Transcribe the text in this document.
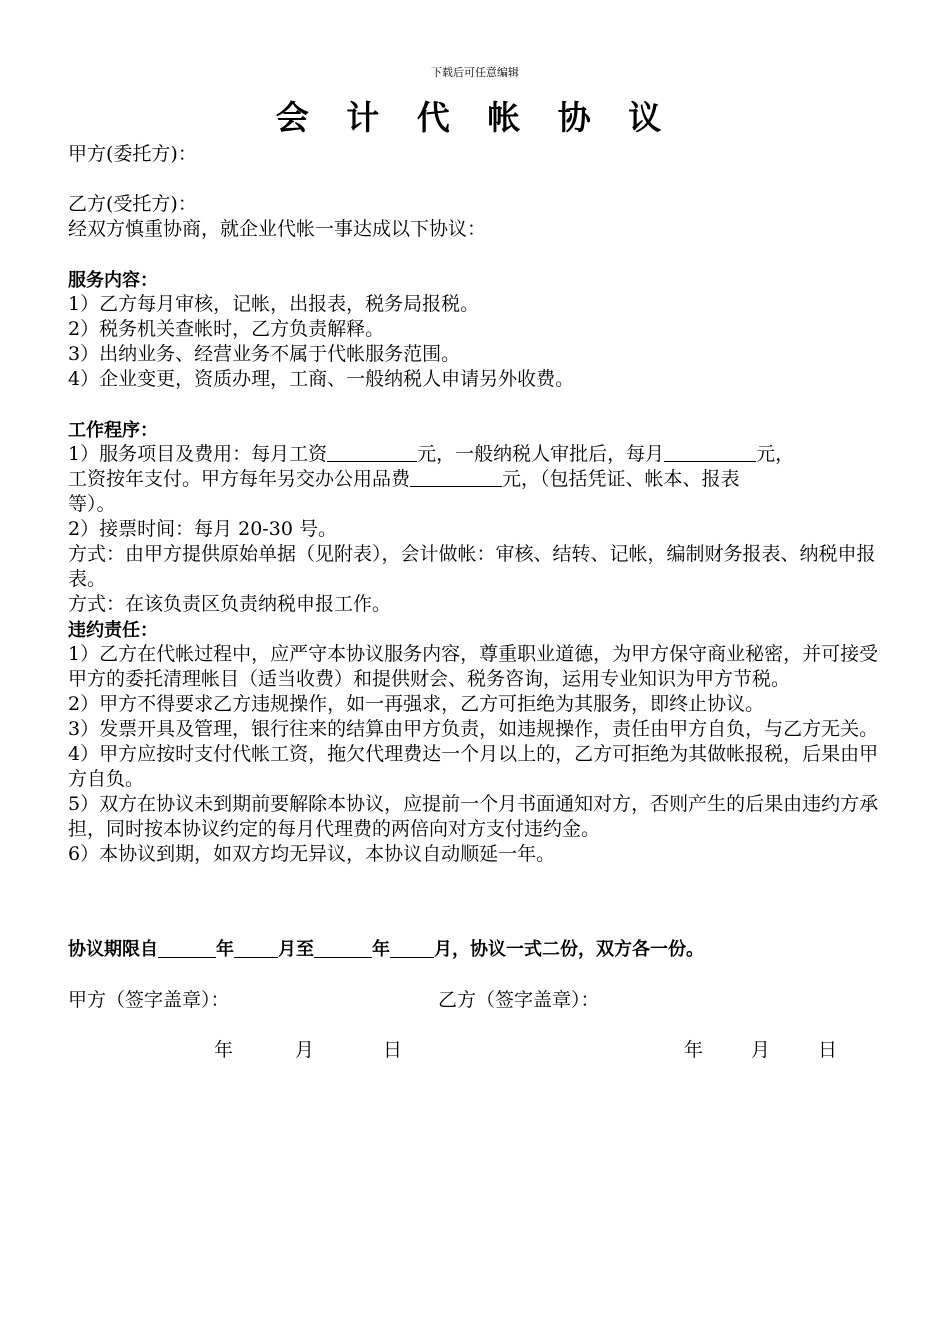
下载后可任意编辑
会 计 代 帐 协 议
甲方(委托方)：
乙方(受托方)：
经双方慎重协商，就企业代帐一事达成以下协议：
服务内容：
1）乙方每月审核，记帐，出报表，税务局报税。
2）税务机关查帐时，乙方负责解释。
3）出纳业务、经营业务不属于代帐服务范围。
4）企业变更，资质办理，工商、一般纳税人申请另外收费。
工作程序：
1）服务项目及费用：每月工资	元，一般纳税人审批后，每月	元，
工资按年支付。甲方每年另交办公用品费	元，（包括凭证、帐本、报表
等）。
2）接票时间：每月 20-30 号。
方式：由甲方提供原始单据（见附表），会计做帐：审核、结转、记帐，编制财务报表、纳税申报表。
方式：在该负责区负责纳税申报工作。
违约责任：
1）乙方在代帐过程中，应严守本协议服务内容，尊重职业道德，为甲方保守商业秘密，并可接受甲方的委托清理帐目（适当收费）和提供财会、税务咨询，运用专业知识为甲方节税。
2）甲方不得要求乙方违规操作，如一再强求，乙方可拒绝为其服务，即终止协议。
3）发票开具及管理，银行往来的结算由甲方负责，如违规操作，责任由甲方自负，与乙方无关。
4）甲方应按时支付代帐工资，拖欠代理费达一个月以上的，乙方可拒绝为其做帐报税，后果由甲方自负。
5）双方在协议未到期前要解除本协议，应提前一个月书面通知对方，否则产生的后果由违约方承担，同时按本协议约定的每月代理费的两倍向对方支付违约金。
6）本协议到期，如双方均无异议，本协议自动顺延一年。
协议期限自	年 月至	年 月，协议一式二份，双方各一份。
甲方（签字盖章）：	乙方（签字盖章）：
年	月	日	年	月	日
